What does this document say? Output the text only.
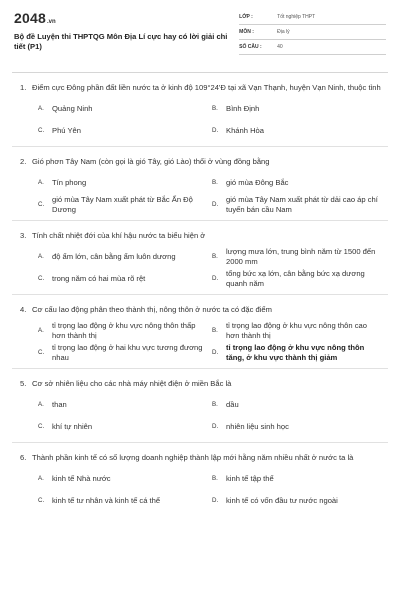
2048 .vn
Bộ đề Luyện thi THPTQG Môn Địa Lí cực hay có lời giải chi tiết (P1)
LỚP :	Tốt nghiệp THPT
MÔN :	Địa lý
SỐ CÂU :	40
1. Điểm cực Đông phần đất liền nước ta ở kinh độ 109°24'Đ tại xã Vạn Thạnh, huyện Vạn Ninh, thuộc tỉnh
A.	Quảng Ninh	B.	Bình Định
C.	Phú Yên	D.	Khánh Hòa
2. Gió phơn Tây Nam (còn gọi là gió Tây, gió Lào) thổi ở vùng đồng bằng
A.	Tín phong	B.	gió mùa Đông Bắc
C.
gió mùa Tây Nam xuất phát từ Bắc Ấn Độ Dương
D.
gió mùa Tây Nam xuất phát từ dải cao áp chí tuyến bán cầu Nam
3. Tính chất nhiệt đới của khí hậu nước ta biểu hiện ở
A.	độ ẩm lớn, cân bằng ẩm luôn dương	B.
lượng mưa lớn, trung bình năm từ 1500 đến 2000 mm
C.	trong năm có hai mùa rõ rệt	D.
tổng bức xạ lớn, cân bằng bức xạ dương quanh năm
4. Cơ cấu lao động phân theo thành thị, nông thôn ở nước ta có đặc điểm
A.
tỉ trọng lao động ở khu vực nông thôn thấp hơn thành thị
B.
tỉ trọng lao động ở khu vực nông thôn cao hơn thành thị
C.
tỉ trọng lao động ở hai khu vực tương đương nhau
D.
tỉ trọng lao động ở khu vực nông thôn tăng, ở khu vực thành thị giảm
5. Cơ sở nhiên liệu cho các nhà máy nhiệt điện ở miền Bắc là
A.	than	B.	dầu
C.	khí tự nhiên	D.	nhiên liệu sinh học
6. Thành phần kinh tế có số lượng doanh nghiệp thành lập mới hằng năm nhiều nhất ở nước ta là
A.	kinh tế Nhà nước	B.	kinh tế tập thể
C.	kinh tế tư nhân và kinh tế cá thể	D.	kinh tế có vốn đầu tư nước ngoài
